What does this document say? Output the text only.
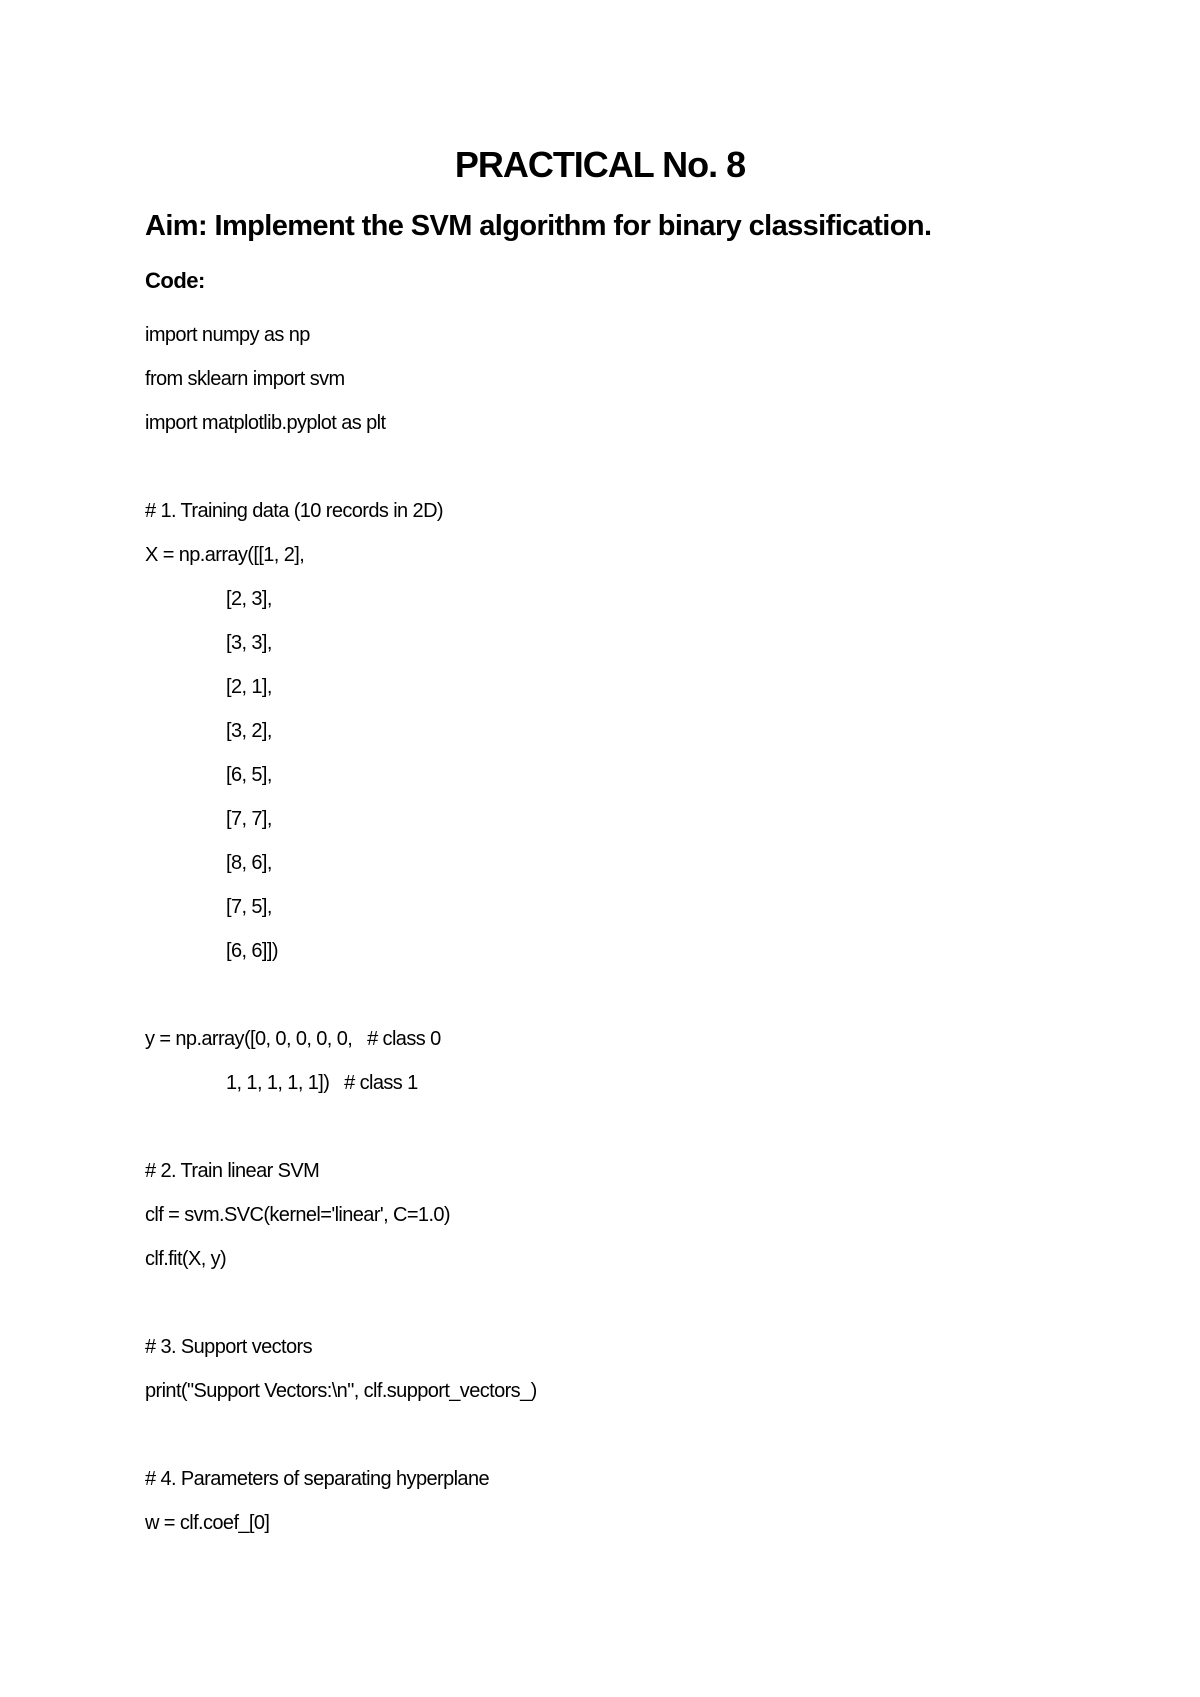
PRACTICAL No. 8
Aim: Implement the SVM algorithm for binary classification.
Code:
import numpy as np
from sklearn import svm
import matplotlib.pyplot as plt
# 1. Training data (10 records in 2D)
X = np.array([[1, 2],
[2, 3],
[3, 3],
[2, 1],
[3, 2],
[6, 5],
[7, 7],
[8, 6],
[7, 5],
[6, 6]])
y = np.array([0, 0, 0, 0, 0,   # class 0
1, 1, 1, 1, 1])   # class 1
# 2. Train linear SVM
clf = svm.SVC(kernel='linear', C=1.0)
clf.fit(X, y)
# 3. Support vectors
print("Support Vectors:\n", clf.support_vectors_)
# 4. Parameters of separating hyperplane
w = clf.coef_[0]
